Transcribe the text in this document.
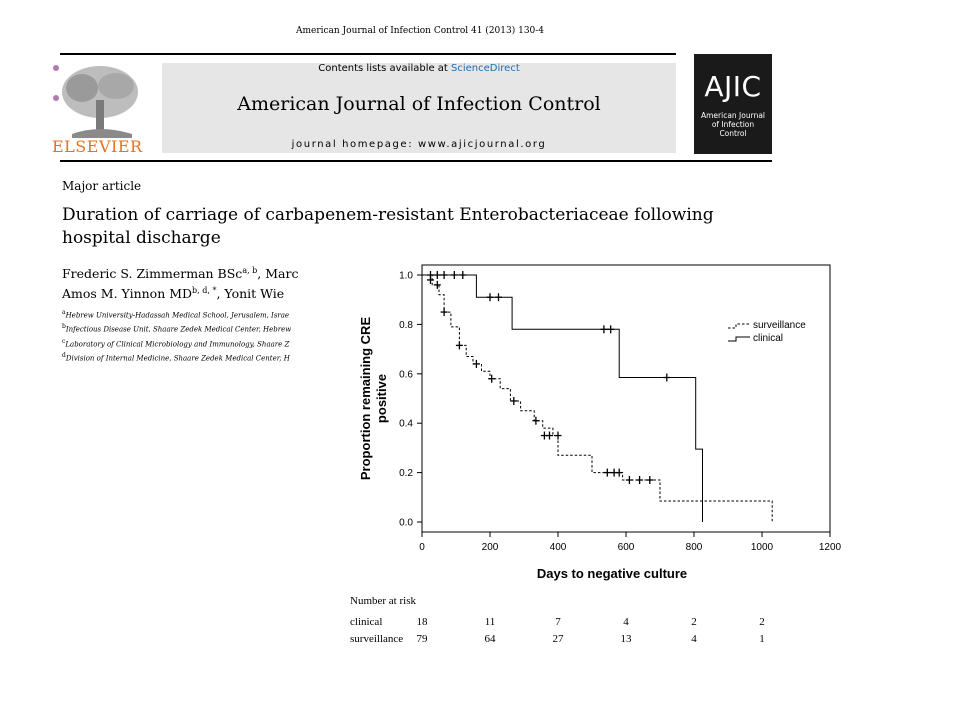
American Journal of Infection Control 41 (2013) 130-4
ELSEVIER
Contents lists available at ScienceDirect
American Journal of Infection Control
journal homepage: www.ajicjournal.org
AJIC
American Journal of Infection Control
Major article
Duration of carriage of carbapenem-resistant Enterobacteriaceae following hospital discharge
Frederic S. Zimmerman BSc$^{a, b}$, Marc
Amos M. Yinnon $MD^{b, d, *}$, Yonit Wie
$^a$Hebrew University-Hadassah Medical School, Jerusalem, Israe
$^b$Infectious Disease Unit, Shaare Zedek Medical Center, Hebrew
$^c$Laboratory of Clinical Microbiology and Immunology, Shaare Z
$^d$Division of Internal Medicine, Shaare Zedek Medical Center, H
0.0
0.2
0.4
0.6
0.8
1.0
0	200	400	600	800	1000	1200
Days to negative culture
Proportion remaining CREpositive
surveillance
clinical
Number at risk
clinical	18	11	7	4	2	2
surveillance 79	64	27	13	4	1
